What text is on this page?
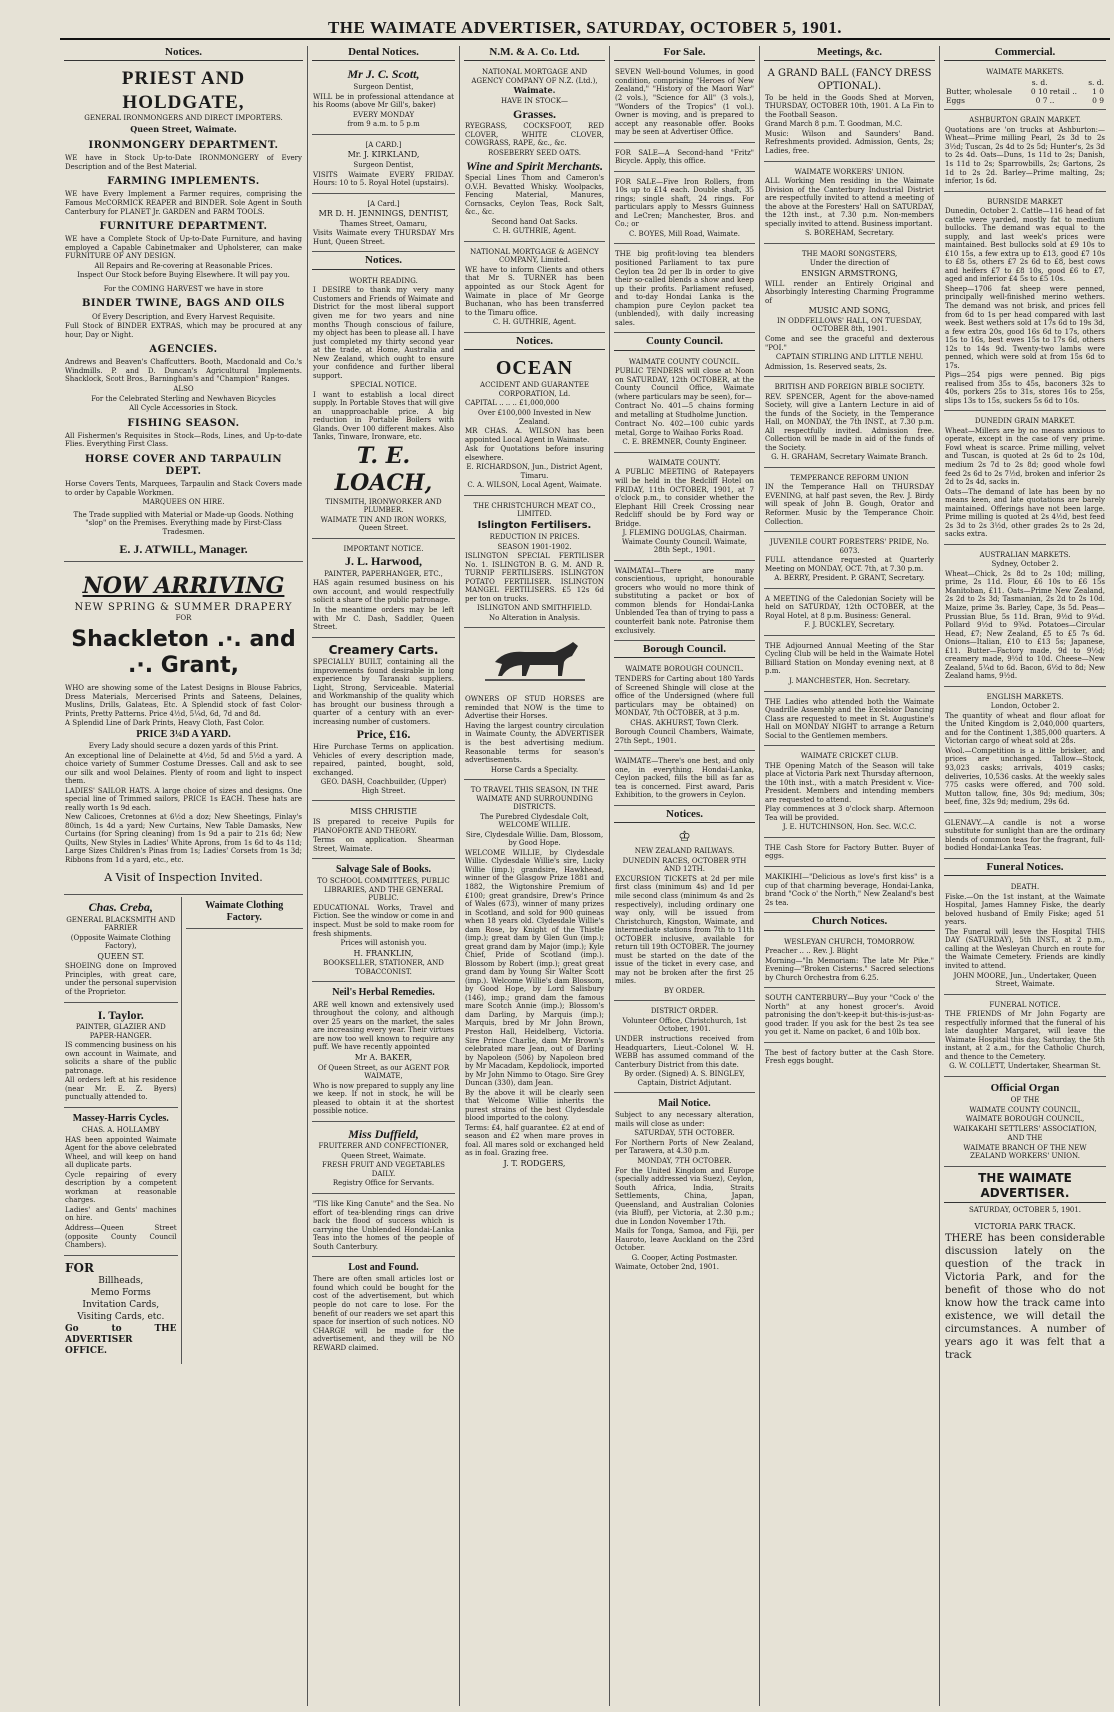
THE WAIMATE ADVERTISER, SATURDAY, OCTOBER 5, 1901.
Notices.
PRIEST AND HOLDGATE,
GENERAL IRONMONGERS AND DIRECT IMPORTERS.
Queen Street, Waimate.
IRONMONGERY DEPARTMENT.

WE have in Stock Up-to-Date IRONMONGERY of Every Description and of the Best Material.

FARMING IMPLEMENTS.

WE have Every Implement a Farmer requires, comprising the Famous McCORMICK REAPER and BINDER. Sole Agent in South Canterbury for PLANET Jr. GARDEN and FARM TOOLS.

FURNITURE DEPARTMENT.

WE have a Complete Stock of Up-to-Date Furniture, and having employed a Capable Cabinetmaker and Upholsterer, can make FURNITURE OF ANY DESIGN.

All Repairs and Re-covering at Reasonable Prices.

Inspect Our Stock before Buying Elsewhere. It will pay you.

For the COMING HARVEST we have in store

BINDER TWINE, BAGS AND OILS

Of Every Description, and Every Harvest Requisite.

Full Stock of BINDER EXTRAS, which may be procured at any hour, Day or Night.

AGENCIES.

Andrews and Beaven's Chaffcutters. Booth, Macdonald and Co.'s Windmills. P. and D. Duncan's Agricultural Implements. Shacklock, Scott Bros., Barningham's and "Champion" Ranges.

ALSO

For the Celebrated Sterling and Newhaven Bicycles

All Cycle Accessories in Stock.

FISHING SEASON.

All Fishermen's Requisites in Stock—Rods, Lines, and Up-to-date Flies. Everything First Class.

HORSE COVER AND TARPAULIN DEPT.

Horse Covers Tents, Marquees, Tarpaulin and Stack Covers made to order by Capable Workmen.

MARQUEES ON HIRE.

The Trade supplied with Material or Made-up Goods. Nothing "slop" on the Premises. Everything made by First-Class Tradesmen.

E. J. ATWILL, Manager.
NOW ARRIVING
NEW SPRING & SUMMER DRAPERY
FOR
Shackleton .·. and .·. Grant,

WHO are showing some of the Latest Designs in Blouse Fabrics, Dress Materials, Mercerised Prints and Sateens, Delaines, Muslins, Drills, Galateas, Etc. A Splendid stock of fast Color-Prints, Pretty Patterns. Price 4½d, 5¼d, 6d, 7d and 8d.

A Splendid Line of Dark Prints, Heavy Cloth, Fast Color.

PRICE 3¼D A YARD.

Every Lady should secure a dozen yards of this Print.

An exceptional line of Delainette at 4½d, 5d and 5½d a yard. A choice variety of Summer Costume Dresses. Call and ask to see our silk and wool Delaines. Plenty of room and light to inspect them.

LADIES' SAILOR HATS. A large choice of sizes and designs. One special line of Trimmed sailors, PRICE 1s EACH. These hats are really worth 1s 9d each.

New Calicoes, Cretonnes at 6½d a doz; New Sheetings, Finlay's 80inch, 1s 4d a yard; New Curtains, New Table Damasks, New Curtains (for Spring cleaning) from 1s 9d a pair to 21s 6d; New Quilts, New Styles in Ladies' White Aprons, from 1s 6d to 4s 11d; Large Sizes Children's Pinas from 1s; Ladies' Corsets from 1s 3d; Ribbons from 1d a yard, etc., etc.

A Visit of Inspection Invited.
Chas. Creba,

GENERAL BLACKSMITH AND FARRIER

(Opposite Waimate Clothing Factory),

QUEEN ST.

SHOEING done on Improved Principles, with great care, under the personal supervision of the Proprietor.

I. Taylor.

PAINTER, GLAZIER AND PAPER-HANGER.

IS commencing business on his own account in Waimate, and solicits a share of the public patronage.

All orders left at his residence (near Mr. E. Z. Byers) punctually attended to.

Massey-Harris Cycles.

CHAS. A. HOLLAMBY

HAS been appointed Waimate Agent for the above celebrated Wheel, and will keep on hand all duplicate parts.

Cycle repairing of every description by a competent workman at reasonable charges.

Ladies' and Gents' machines on hire.

Address—Queen Street (opposite County Council Chambers).

FOR

Billheads,

Memo Forms

Invitation Cards,

Visiting Cards, etc.

Go to THE ADVERTISER OFFICE.

Waimate Clothing Factory.
Dental Notices.
Mr J. C. Scott,

Surgeon Dentist,

WILL be in professional attendance at his Rooms (above Mr Gill's, baker)

EVERY MONDAY

from 9 a.m. to 5 p.m

[A CARD.]

Mr. J. KIRKLAND,

Surgeon Dentist,

VISITS Waimate EVERY FRIDAY. Hours: 10 to 5. Royal Hotel (upstairs).

[A Card.]

MR D. H. JENNINGS, DENTIST,

Thames Street, Oamaru,

Visits Waimate every THURSDAY Mrs Hunt, Queen Street.

Notices.

WORTH READING.

I DESIRE to thank my very many Customers and Friends of Waimate and District for the most liberal support given me for two years and nine months Though conscious of failure, my object has been to please all. I have just completed my thirty second year at the trade, at Home, Australia and New Zealand, which ought to ensure your confidence and further liberal support.

SPECIAL NOTICE.

I want to establish a local direct supply. In Portable Stoves that will give an unapproachable price. A big reduction in Portable Boilers with Glands. Over 100 different makes. Also Tanks, Tinware, Ironware, etc.

T. E. LOACH,

TINSMITH, IRONWORKER AND PLUMBER.

WAIMATE TIN AND IRON WORKS, Queen Street.

IMPORTANT NOTICE.

J. L. Harwood,

PAINTER, PAPERHANGER, ETC.,

HAS again resumed business on his own account, and would respectfully solicit a share of the public patronage.

In the meantime orders may be left with Mr C. Dash, Saddler, Queen Street.

Creamery Carts.

SPECIALLY BUILT, containing all the improvements found desirable in long experience by Taranaki suppliers. Light, Strong, Serviceable. Material and Workmanship of the quality which has brought our business through a quarter of a century with an ever-increasing number of customers.

Price, £16.

Hire Purchase Terms on application. Vehicles of every description made, repaired, painted, bought, sold, exchanged.

GEO. DASH, Coachbuilder, (Upper) High Street.

MISS CHRISTIE

IS prepared to receive Pupils for PIANOFORTE AND THEORY.

Terms on application. Shearman Street, Waimate.

Salvage Sale of Books.

TO SCHOOL COMMITTEES, PUBLIC LIBRARIES, AND THE GENERAL PUBLIC.

EDUCATIONAL Works, Travel and Fiction. See the window or come in and inspect. Must be sold to make room for fresh shipments.

Prices will astonish you.

H. FRANKLIN,

BOOKSELLER, STATIONER, AND TOBACCONIST.

Neil's Herbal Remedies.

ARE well known and extensively used throughout the colony, and although over 25 years on the market, the sales are increasing every year. Their virtues are now too well known to require any puff. We have recently appointed

Mr A. BAKER,

Of Queen Street, as our AGENT FOR WAIMATE,

Who is now prepared to supply any line we keep. If not in stock, he will be pleased to obtain it at the shortest possible notice.

Miss Duffield,

FRUITERER AND CONFECTIONER,

Queen Street, Waimate.

FRESH FRUIT AND VEGETABLES DAILY.

Registry Office for Servants.

"TIS like King Canute" and the Sea. No effort of tea-blending rings can drive back the flood of success which is carrying the Unblended Hondai-Lanka Teas into the homes of the people of South Canterbury.

Lost and Found.

There are often small articles lost or found which could be bought for the cost of the advertisement, but which people do not care to lose. For the benefit of our readers we set apart this space for insertion of such notices. NO CHARGE will be made for the advertisement, and they will be NO REWARD claimed.

N.M. & A. Co. Ltd.

NATIONAL MORTGAGE AND AGENCY COMPANY OF N.Z. (Ltd.),

Waimate.

HAVE IN STOCK—

Grasses.

RYEGRASS, COCKSFOOT, RED CLOVER, WHITE CLOVER, COWGRASS, RAPE, &c., &c.

ROSEBERRY SEED OATS.

Wine and Spirit Merchants.

Special Lines Thom and Cameron's O.V.H. Bevatted Whisky. Woolpacks, Fencing Material, Manures, Cornsacks, Ceylon Teas, Rock Salt, &c., &c.

Second hand Oat Sacks.

C. H. GUTHRIE, Agent.

NATIONAL MORTGAGE & AGENCY COMPANY, Limited.

WE have to inform Clients and others that Mr S. TURNER has been appointed as our Stock Agent for Waimate in place of Mr George Buchanan, who has been transferred to the Timaru office.

C. H. GUTHRIE, Agent.

Notices.
OCEAN

ACCIDENT AND GUARANTEE CORPORATION, Ld.

CAPITAL .. .. .. £1,000,000

Over £100,000 Invested in New Zealand.

MR CHAS. A. WILSON has been appointed Local Agent in Waimate.

Ask for Quotations before insuring elsewhere.

E. RICHARDSON, Jun., District Agent, Timaru.

C. A. WILSON, Local Agent, Waimate.

THE CHRISTCHURCH MEAT CO., LIMITED.

Islington Fertilisers.

REDUCTION IN PRICES.

SEASON 1901-1902.

ISLINGTON SPECIAL FERTILISER No. 1. ISLINGTON B. G. M. AND R. TURNIP FERTILISERS. ISLINGTON POTATO FERTILISER. ISLINGTON MANGEL FERTILISERS. £5 12s 6d per ton on trucks.

ISLINGTON AND SMITHFIELD.

No Alteration in Analysis.

OWNERS OF STUD HORSES are reminded that NOW is the time to Advertise their Horses.

Having the largest country circulation in Waimate County, the ADVERTISER is the best advertising medium. Reasonable terms for season's advertisements.

Horse Cards a Specialty.

TO TRAVEL THIS SEASON, IN THE WAIMATE AND SURROUNDING DISTRICTS.

The Purebred Clydesdale Colt, WELCOME WILLIE.

Sire, Clydesdale Willie. Dam, Blossom, by Good Hope.

WELCOME WILLIE, by Clydesdale Willie. Clydesdale Willie's sire, Lucky Willie (imp.); grandsire, Hawkhead, winner of the Glasgow Prize 1881 and 1882, the Wigtonshire Premium of £100; great grandsire, Drew's Prince of Wales (673), winner of many prizes in Scotland, and sold for 900 guineas when 18 years old. Clydesdale Willie's dam Rose, by Knight of the Thistle (imp.); great dam by Glen Gun (imp.); great grand dam by Major (imp.); Kyle Chief, Pride of Scotland (imp.). Blossom by Robert (imp.); great great grand dam by Young Sir Walter Scott (imp.). Welcome Willie's dam Blossom, by Good Hope, by Lord Salisbury (146), imp.; grand dam the famous mare Scotch Annie (imp.); Blossom's dam Darling, by Marquis (imp.); Marquis, bred by Mr John Brown, Preston Hall, Heidelberg, Victoria. Sire Prince Charlie, dam Mr Brown's celebrated mare Jean, out of Darling by Napoleon (506) by Napoleon bred by Mr Macadam, Kepdoliock, imported by Mr John Nimmo to Otago. Sire Grey Duncan (330), dam Jean.

By the above it will be clearly seen that Welcome Willie inherits the purest strains of the best Clydesdale blood imported to the colony.

Terms: £4, half guarantee. £2 at end of season and £2 when mare proves in foal. All mares sold or exchanged held as in foal. Grazing free.

J. T. RODGERS,

For Sale.

SEVEN Well-bound Volumes, in good condition, comprising "Heroes of New Zealand," "History of the Maori War" (2 vols.), "Science for All" (3 vols.), "Wonders of the Tropics" (1 vol.). Owner is moving, and is prepared to accept any reasonable offer. Books may be seen at Advertiser Office.

FOR SALE—A Second-hand "Fritz" Bicycle. Apply, this office.

FOR SALE—Five Iron Rollers, from 10s up to £14 each. Double shaft, 35 rings; single shaft, 24 rings. For particulars apply to Messrs Guinness and LeCren; Manchester, Bros. and Co.; or

C. BOYES, Mill Road, Waimate.

THE big profit-loving tea blenders positioned Parliament to tax pure Ceylon tea 2d per lb in order to give their so-called blends a show and keep up their profits. Parliament refused, and to-day Hondai Lanka is the champion pure Ceylon packet tea (unblended), with daily increasing sales.

County Council.

WAIMATE COUNTY COUNCIL.

PUBLIC TENDERS will close at Noon on SATURDAY, 12th OCTOBER, at the County Council Office, Waimate (where particulars may be seen), for—

Contract No. 401—5 chains forming and metalling at Studholme Junction.

Contract No. 402—100 cubic yards metal, Gorge to Waihao Forks Road.

C. E. BREMNER, County Engineer.

WAIMATE COUNTY.

A PUBLIC MEETING of Ratepayers will be held in the Redcliff Hotel on FRIDAY, 11th OCTOBER, 1901, at 7 o'clock p.m., to consider whether the Elephant Hill Creek Crossing near Redcliff should be by Ford way or Bridge.

J. FLEMING DOUGLAS, Chairman. Waimate County Council. Waimate, 28th Sept., 1901.

WAIMATAI—There are many conscientious, upright, honourable grocers who would no more think of substituting a packet or box of common blends for Hondai-Lanka Unblended Tea than of trying to pass a counterfeit bank note. Patronise them exclusively.

Borough Council.

WAIMATE BOROUGH COUNCIL.

TENDERS for Carting about 180 Yards of Screened Shingle will close at the office of the Undersigned (where full particulars may be obtained) on MONDAY, 7th OCTOBER, at 3 p.m.

CHAS. AKHURST, Town Clerk.

Borough Council Chambers, Waimate, 27th Sept., 1901.

WAIMATE—There's one best, and only one, in everything. Hondai-Lanka, Ceylon packed, fills the bill as far as tea is concerned. First award, Paris Exhibition, to the growers in Ceylon.

Notices.
♔

NEW ZEALAND RAILWAYS.

DUNEDIN RACES, OCTOBER 9TH AND 12TH.

EXCURSION TICKETS at 2d per mile first class (minimum 4s) and 1d per mile second class (minimum 4s and 2s respectively), including ordinary one way only, will be issued from Christchurch, Kingston, Waimate, and intermediate stations from 7th to 11th OCTOBER inclusive, available for return till 19th OCTOBER. The journey must be started on the date of the issue of the ticket in every case, and may not be broken after the first 25 miles.

BY ORDER.

DISTRICT ORDER.

Volunteer Office, Christchurch, 1st October, 1901.

UNDER instructions received from Headquarters, Lieut.-Colonel W. H. WEBB has assumed command of the Canterbury District from this date.

By order. (Signed) A. S. BINGLEY, Captain, District Adjutant.

Mail Notice.

Subject to any necessary alteration, mails will close as under:

SATURDAY, 5TH OCTOBER.

For Northern Ports of New Zealand, per Tarawera, at 4.30 p.m.

MONDAY, 7TH OCTOBER.

For the United Kingdom and Europe (specially addressed via Suez), Ceylon, South Africa, India, Straits Settlements, China, Japan, Queensland, and Australian Colonies (via Bluff), per Victoria, at 2.30 p.m.; due in London November 17th.

Mails for Tonga, Samoa, and Fiji, per Hauroto, leave Auckland on the 23rd October.

G. Cooper, Acting Postmaster.

Waimate, October 2nd, 1901.

Meetings, &c.

A GRAND BALL (FANCY DRESS OPTIONAL).

To be held in the Goods Shed at Morven, THURSDAY, OCTOBER 10th, 1901. A La Fin to the Football Season.

Grand March 8 p.m. T. Goodman, M.C.

Music: Wilson and Saunders' Band. Refreshments provided. Admission, Gents, 2s; Ladies, free.

WAIMATE WORKERS' UNION.

ALL Working Men residing in the Waimate Division of the Canterbury Industrial District are respectfully invited to attend a meeting of the above at the Foresters' Hall on SATURDAY, the 12th inst., at 7.30 p.m. Non-members specially invited to attend. Business important.

S. BOREHAM, Secretary.

THE MAORI SONGSTERS,

Under the direction of

ENSIGN ARMSTRONG,

WILL render an Entirely Original and Absorbingly Interesting Charming Programme of

MUSIC AND SONG,

IN ODDFELLOWS' HALL, ON TUESDAY, OCTOBER 8th, 1901.

Come and see the graceful and dexterous "POI."

CAPTAIN STIRLING AND LITTLE NEHU.

Admission, 1s. Reserved seats, 2s.

BRITISH AND FOREIGN BIBLE SOCIETY.

REV. SPENCER, Agent for the above-named Society, will give a Lantern Lecture in aid of the funds of the Society, in the Temperance Hall, on MONDAY, the 7th INST., at 7.30 p.m. All respectfully invited. Admission free. Collection will be made in aid of the funds of the Society.

G. H. GRAHAM, Secretary Waimate Branch.

TEMPERANCE REFORM UNION

IN the Temperance Hall on THURSDAY EVENING, at half past seven, the Rev. J. Birdy will speak of John B. Gough, Orator and Reformer. Music by the Temperance Choir. Collection.

JUVENILE COURT FORESTERS' PRIDE, No. 6073.

FULL attendance requested at Quarterly Meeting on MONDAY, OCT. 7th, at 7.30 p.m.

A. BERRY, President. P. GRANT, Secretary.

A MEETING of the Caledonian Society will be held on SATURDAY, 12th OCTOBER, at the Royal Hotel, at 8 p.m. Business: General.

F. J. BUCKLEY, Secretary.

THE Adjourned Annual Meeting of the Star Cycling Club will be held in the Waimate Hotel Billiard Station on Monday evening next, at 8 p.m.

J. MANCHESTER, Hon. Secretary.

THE Ladies who attended both the Waimate Quadrille Assembly and the Excelsior Dancing Class are requested to meet in St. Augustine's Hall on MONDAY NIGHT to arrange a Return Social to the Gentlemen members.

WAIMATE CRICKET CLUB.

THE Opening Match of the Season will take place at Victoria Park next Thursday afternoon, the 10th inst., with a match President v. Vice-President. Members and intending members are requested to attend.

Play commences at 3 o'clock sharp. Afternoon Tea will be provided.

J. E. HUTCHINSON, Hon. Sec. W.C.C.

THE Cash Store for Factory Butter. Buyer of eggs.

MAKIKIHI—"Delicious as love's first kiss" is a cup of that charming beverage, Hondai-Lanka, brand "Cock o' the North," New Zealand's best 2s tea.

Church Notices.

WESLEYAN CHURCH, TOMORROW.

Preacher .. .. Rev. J. Blight

Morning—"In Memoriam: The late Mr Pike." Evening—"Broken Cisterns." Sacred selections by Church Orchestra from 6.25.

SOUTH CANTERBURY—Buy your "Cock o' the North" at any honest grocer's. Avoid patronising the don't-keep-it but-this-is-just-as-good trader. If you ask for the best 2s tea see you get it. Name on packet, 6 and 10lb box.

The best of factory butter at the Cash Store. Fresh eggs bought.

Commercial.

WAIMATE MARKETS.

	s. d.		s. d.
Butter, wholesale	0 10	retail ..	1 0
Eggs	0 7	..	0 9

ASHBURTON GRAIN MARKET.

Quotations are 'on trucks at Ashburton:—Wheat—Prime milling Pearl, 2s 3d to 2s 3½d; Tuscan, 2s 4d to 2s 5d; Hunter's, 2s 3d to 2s 4d. Oats—Duns, 1s 11d to 2s; Danish, 1s 11d to 2s; Sparrowbills, 2s; Gartons, 2s 1d to 2s 2d. Barley—Prime malting, 2s; inferior, 1s 6d.

BURNSIDE MARKET

Dunedin, October 2. Cattle—116 head of fat cattle were yarded, mostly fat to medium bullocks. The demand was equal to the supply, and last week's prices were maintained. Best bullocks sold at £9 10s to £10 15s, a few extra up to £13, good £7 10s to £8 5s, others £7 2s 6d to £8, best cows and heifers £7 to £8 10s, good £6 to £7, aged and inferior £4 5s to £5 10s.

Sheep—1706 fat sheep were penned, principally well-finished merino wethers. The demand was not brisk, and prices fell from 6d to 1s per head compared with last week. Best wethers sold at 17s 6d to 19s 3d, a few extra 20s, good 16s 6d to 17s, others 15s to 16s, best ewes 15s to 17s 6d, others 12s to 14s 9d. Twenty-two lambs were penned, which were sold at from 15s 6d to 17s.

Pigs—254 pigs were penned. Big pigs realised from 35s to 45s, baconers 32s to 40s, porkers 25s to 31s, stores 16s to 25s, slips 13s to 15s, suckers 5s 6d to 10s.

DUNEDIN GRAIN MARKET.

Wheat—Millers are by no means anxious to operate, except in the case of very prime. Fowl wheat is scarce. Prime milling, velvet and Tuscan, is quoted at 2s 6d to 2s 10d, medium 2s 7d to 2s 8d; good whole fowl feed 2s 6d to 2s 7½d, broken and inferior 2s 2d to 2s 4d, sacks in.

Oats—The demand of late has been by no means keen, and late quotations are barely maintained. Offerings have not been large. Prime milling is quoted at 2s 4½d, best feed 2s 3d to 2s 3½d, other grades 2s to 2s 2d, sacks extra.

AUSTRALIAN MARKETS.

Sydney, October 2.

Wheat—Chick, 2s 8d to 2s 10d; milling, prime, 2s 11d. Flour, £6 10s to £6 15s Manitoban, £11. Oats—Prime New Zealand, 2s 2d to 2s 3d; Tasmanian, 2s 2d to 2s 10d. Maize, prime 3s. Barley, Cape, 3s 5d. Peas—Prussian Blue, 5s 11d. Bran, 9½d to 9¼d. Pollard 9½d to 9¾d. Potatoes—Circular Head, £7; New Zealand, £5 to £5 7s 6d. Onions—Italian, £10 to £13 5s; Japanese, £11. Butter—Factory made, 9d to 9½d; creamery made, 9½d to 10d. Cheese—New Zealand, 5¼d to 6d. Bacon, 6½d to 8d; New Zealand hams, 9½d.

ENGLISH MARKETS.

London, October 2.

The quantity of wheat and flour afloat for the United Kingdom is 2,040,000 quarters, and for the Continent 1,385,000 quarters. A Victorian cargo of wheat sold at 28s.

Wool.—Competition is a little brisker, and prices are unchanged. Tallow—Stock, 93,023 casks; arrivals, 4019 casks; deliveries, 10,536 casks. At the weekly sales 775 casks were offered, and 700 sold. Mutton tallow, fine, 30s 9d; medium, 30s; beef, fine, 32s 9d; medium, 29s 6d.

GLENAVY.—A candle is not a worse substitute for sunlight than are the ordinary blends of common teas for the fragrant, full-bodied Hondai-Lanka Teas.

Funeral Notices.

DEATH.

Fiske.—On the 1st instant, at the Waimate Hospital, James Hamney Fiske, the dearly beloved husband of Emily Fiske; aged 51 years.

The Funeral will leave the Hospital THIS DAY (SATURDAY), 5th INST., at 2 p.m., calling at the Wesleyan Church en route for the Waimate Cemetery. Friends are kindly invited to attend.

JOHN MOORE, Jun., Undertaker, Queen Street, Waimate.

FUNERAL NOTICE.

THE FRIENDS of Mr John Fogarty are respectfully informed that the funeral of his late daughter Margaret, will leave the Waimate Hospital this day, Saturday, the 5th instant, at 2 a.m., for the Catholic Church, and thence to the Cemetery.

G. W. COLLETT, Undertaker, Shearman St.

Official Organ

OF THE

WAIMATE COUNTY COUNCIL,

WAIMATE BOROUGH COUNCIL,

WAIKAKAHI SETTLERS' ASSOCIATION,

AND THE

WAIMATE BRANCH OF THE NEW ZEALAND WORKERS' UNION.

THE WAIMATE ADVERTISER.

SATURDAY, OCTOBER 5, 1901.

VICTORIA PARK TRACK.

THERE has been considerable discussion lately on the question of the track in Victoria Park, and for the benefit of those who do not know how the track came into existence, we will detail the circumstances. A number of years ago it was felt that a track
